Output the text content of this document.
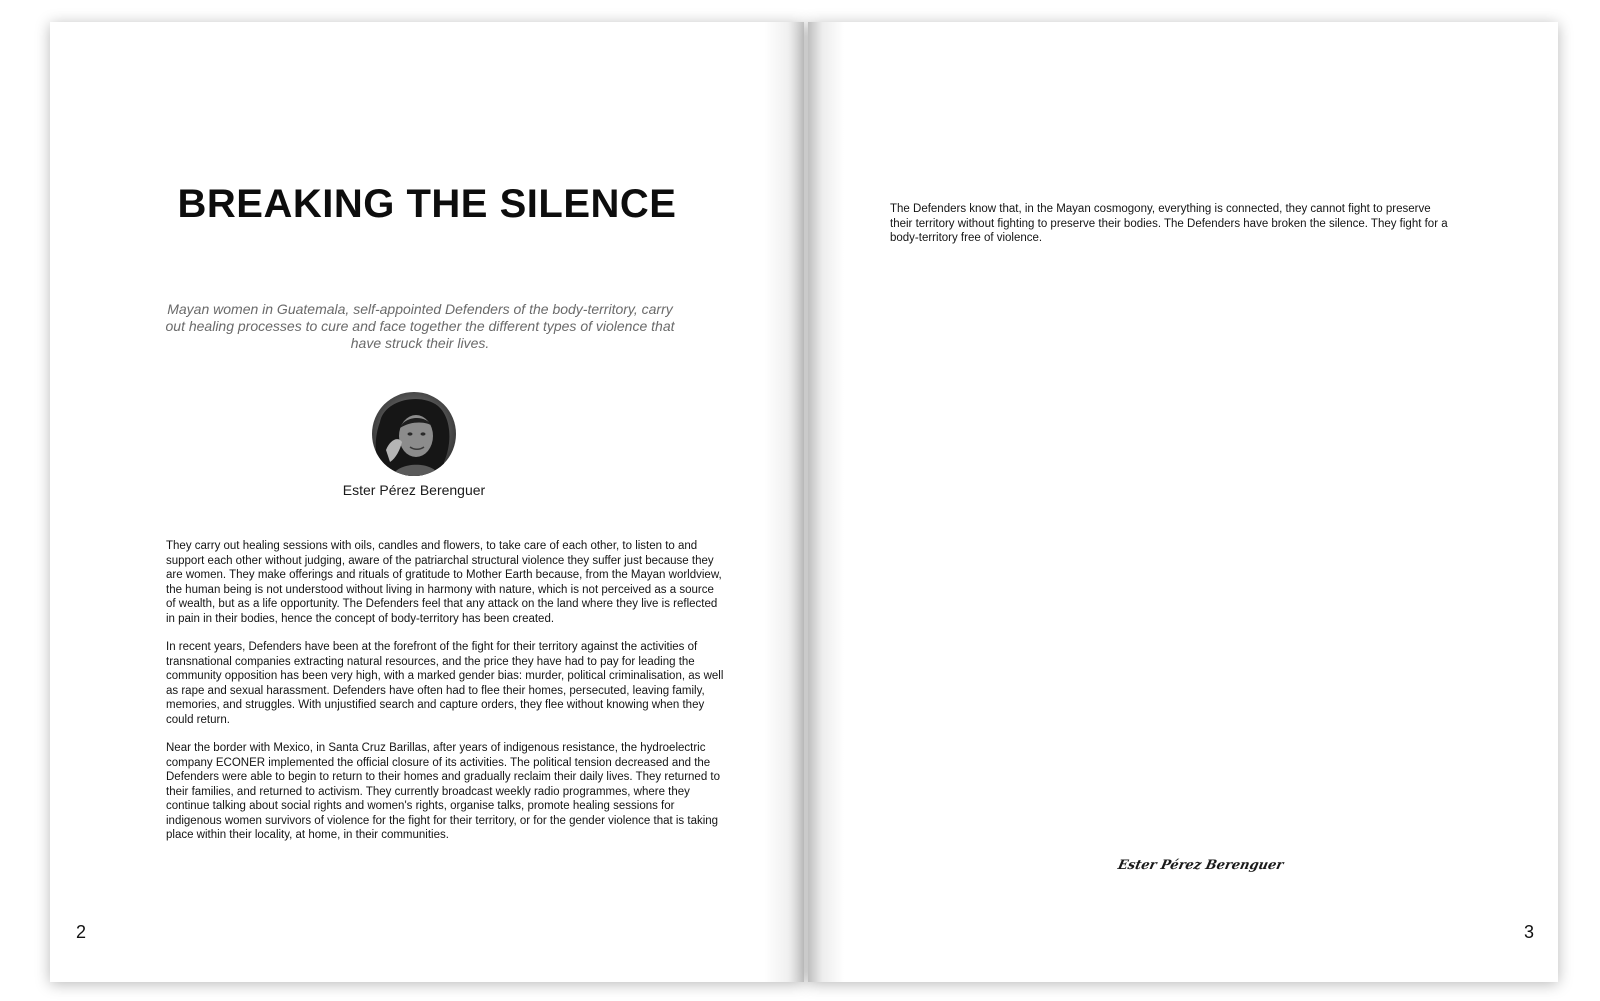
BREAKING THE SILENCE
Mayan women in Guatemala, self-appointed Defenders of the body-territory, carry out healing processes to cure and face together the different types of violence that have struck their lives.
Ester Pérez Berenguer

They carry out healing sessions with oils, candles and flowers, to take care of each other, to listen to and support each other without judging, aware of the patriarchal structural violence they suffer just because they are women. They make offerings and rituals of gratitude to Mother Earth because, from the Mayan worldview, the human being is not understood without living in harmony with nature, which is not perceived as a source of wealth, but as a life opportunity. The Defenders feel that any attack on the land where they live is reflected in pain in their bodies, hence the concept of body-territory has been created.

In recent years, Defenders have been at the forefront of the fight for their territory against the activities of transnational companies extracting natural resources, and the price they have had to pay for leading the community opposition has been very high, with a marked gender bias: murder, political criminalisation, as well as rape and sexual harassment. Defenders have often had to flee their homes, persecuted, leaving family, memories, and struggles. With unjustified search and capture orders, they flee without knowing when they could return.

Near the border with Mexico, in Santa Cruz Barillas, after years of indigenous resistance, the hydroelectric company ECONER implemented the official closure of its activities. The political tension decreased and the Defenders were able to begin to return to their homes and gradually reclaim their daily lives. They returned to their families, and returned to activism. They currently broadcast weekly radio programmes, where they continue talking about social rights and women's rights, organise talks, promote healing sessions for indigenous women survivors of violence for the fight for their territory, or for the gender violence that is taking place within their locality, at home, in their communities.

2
The Defenders know that, in the Mayan cosmogony, everything is connected, they cannot fight to preserve their territory without fighting to preserve their bodies. The Defenders have broken the silence. They fight for a body-territory free of violence.
Ester Pérez Berenguer
3
